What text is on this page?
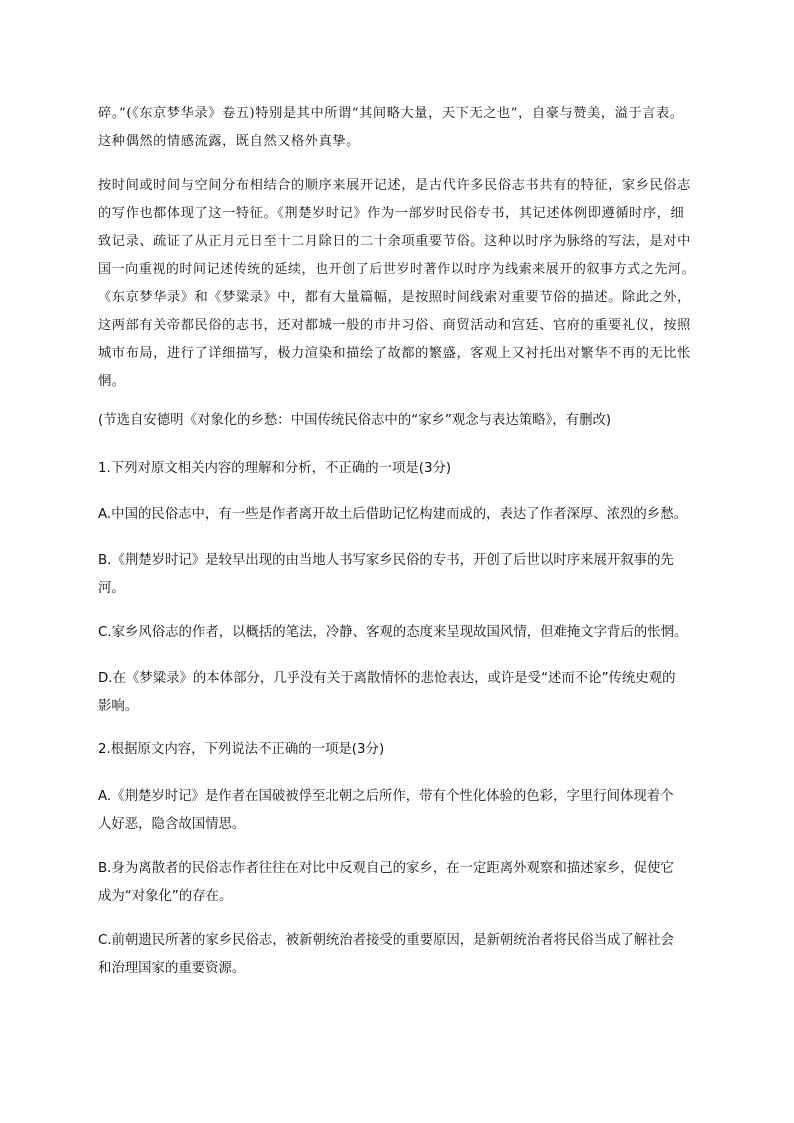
碎。”(《东京梦华录》卷五)特别是其中所谓“其间略大量，天下无之也”，自豪与赞美，溢于言表。
这种偶然的情感流露，既自然又格外真挚。
按时间或时间与空间分布相结合的顺序来展开记述，是古代许多民俗志书共有的特征，家乡民俗志
的写作也都体现了这一特征。《荆楚岁时记》作为一部岁时民俗专书，其记述体例即遵循时序，细
致记录、疏证了从正月元日至十二月除日的二十余项重要节俗。这种以时序为脉络的写法，是对中
国一向重视的时间记述传统的延续，也开创了后世岁时著作以时序为线索来展开的叙事方式之先河。
《东京梦华录》和《梦粱录》中，都有大量篇幅，是按照时间线索对重要节俗的描述。除此之外，
这两部有关帝都民俗的志书，还对都城一般的市井习俗、商贸活动和宫廷、官府的重要礼仪，按照
城市布局，进行了详细描写，极力渲染和描绘了故都的繁盛，客观上又衬托出对繁华不再的无比怅
惘。
(节选自安德明《对象化的乡愁：中国传统民俗志中的“家乡”观念与表达策略》，有删改)
1.下列对原文相关内容的理解和分析，不正确的一项是(3分)
A.中国的民俗志中，有一些是作者离开故土后借助记忆构建而成的，表达了作者深厚、浓烈的乡愁。
B.《荆楚岁时记》是较早出现的由当地人书写家乡民俗的专书，开创了后世以时序来展开叙事的先
河。
C.家乡风俗志的作者，以概括的笔法，冷静、客观的态度来呈现故国风情，但难掩文字背后的怅惘。
D.在《梦粱录》的本体部分，几乎没有关于离散情怀的悲怆表达，或许是受“述而不论”传统史观的
影响。
2.根据原文内容，下列说法不正确的一项是(3分)
A.《荆楚岁时记》是作者在国破被俘至北朝之后所作，带有个性化体验的色彩，字里行间体现着个
人好恶，隐含故国情思。
B.身为离散者的民俗志作者往往在对比中反观自己的家乡，在一定距离外观察和描述家乡，促使它
成为“对象化”的存在。
C.前朝遗民所著的家乡民俗志，被新朝统治者接受的重要原因，是新朝统治者将民俗当成了解社会
和治理国家的重要资源。
